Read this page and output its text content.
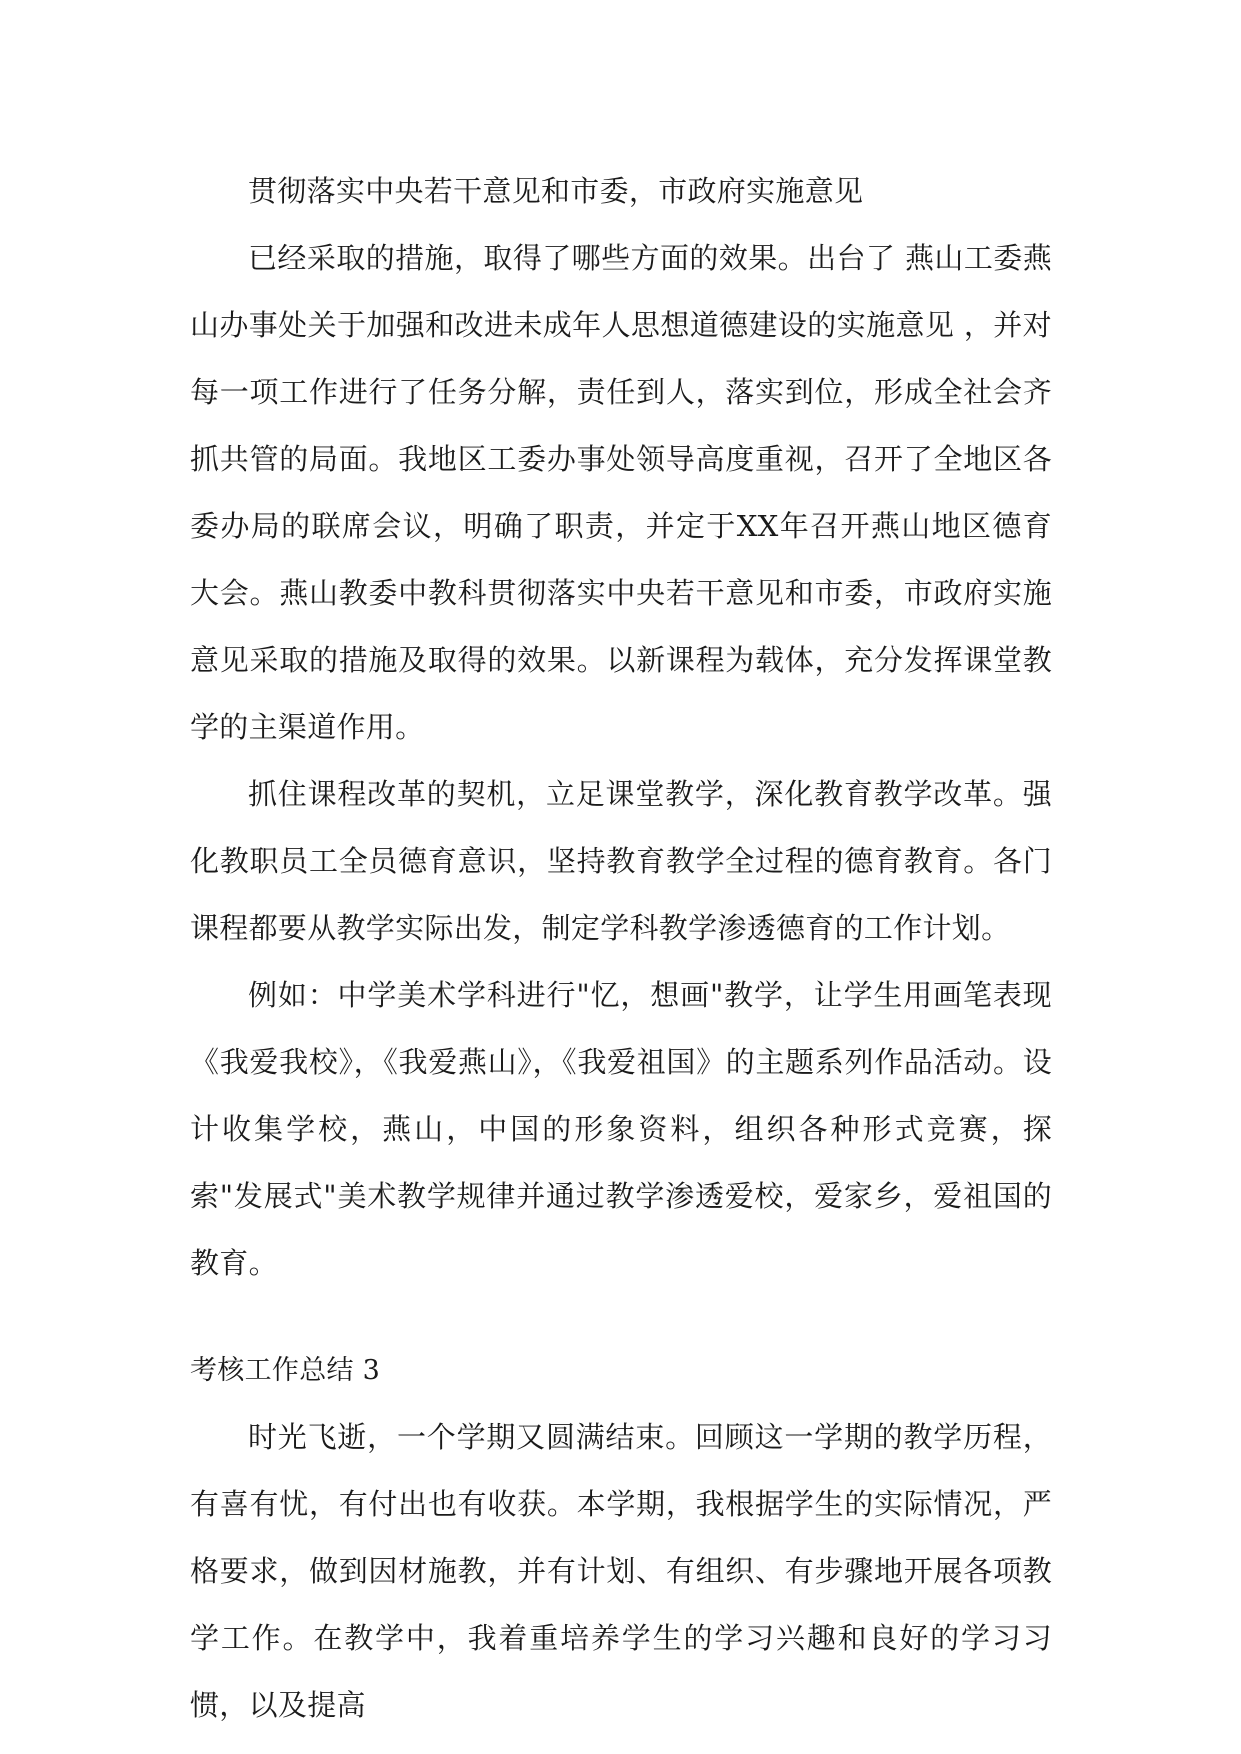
贯彻落实中央若干意见和市委，市政府实施意见

已经采取的措施，取得了哪些方面的效果。出台了 燕山工委燕山办事处关于加强和改进未成年人思想道德建设的实施意见 ，并对每一项工作进行了任务分解，责任到人，落实到位，形成全社会齐抓共管的局面。我地区工委办事处领导高度重视，召开了全地区各委办局的联席会议，明确了职责，并定于XX年召开燕山地区德育大会。燕山教委中教科贯彻落实中央若干意见和市委，市政府实施意见采取的措施及取得的效果。以新课程为载体，充分发挥课堂教学的主渠道作用。

抓住课程改革的契机，立足课堂教学，深化教育教学改革。强化教职员工全员德育意识，坚持教育教学全过程的德育教育。各门课程都要从教学实际出发，制定学科教学渗透德育的工作计划。

例如：中学美术学科进行"忆，想画"教学，让学生用画笔表现《我爱我校》，《我爱燕山》，《我爱祖国》的主题系列作品活动。设计收集学校，燕山，中国的形象资料，组织各种形式竞赛，探索"发展式"美术教学规律并通过教学渗透爱校，爱家乡，爱祖国的教育。

考核工作总结 3

时光飞逝，一个学期又圆满结束。回顾这一学期的教学历程，有喜有忧，有付出也有收获。本学期，我根据学生的实际情况，严格要求，做到因材施教，并有计划、有组织、有步骤地开展各项教学工作。在教学中，我着重培养学生的学习兴趣和良好的学习习惯，以及提高
